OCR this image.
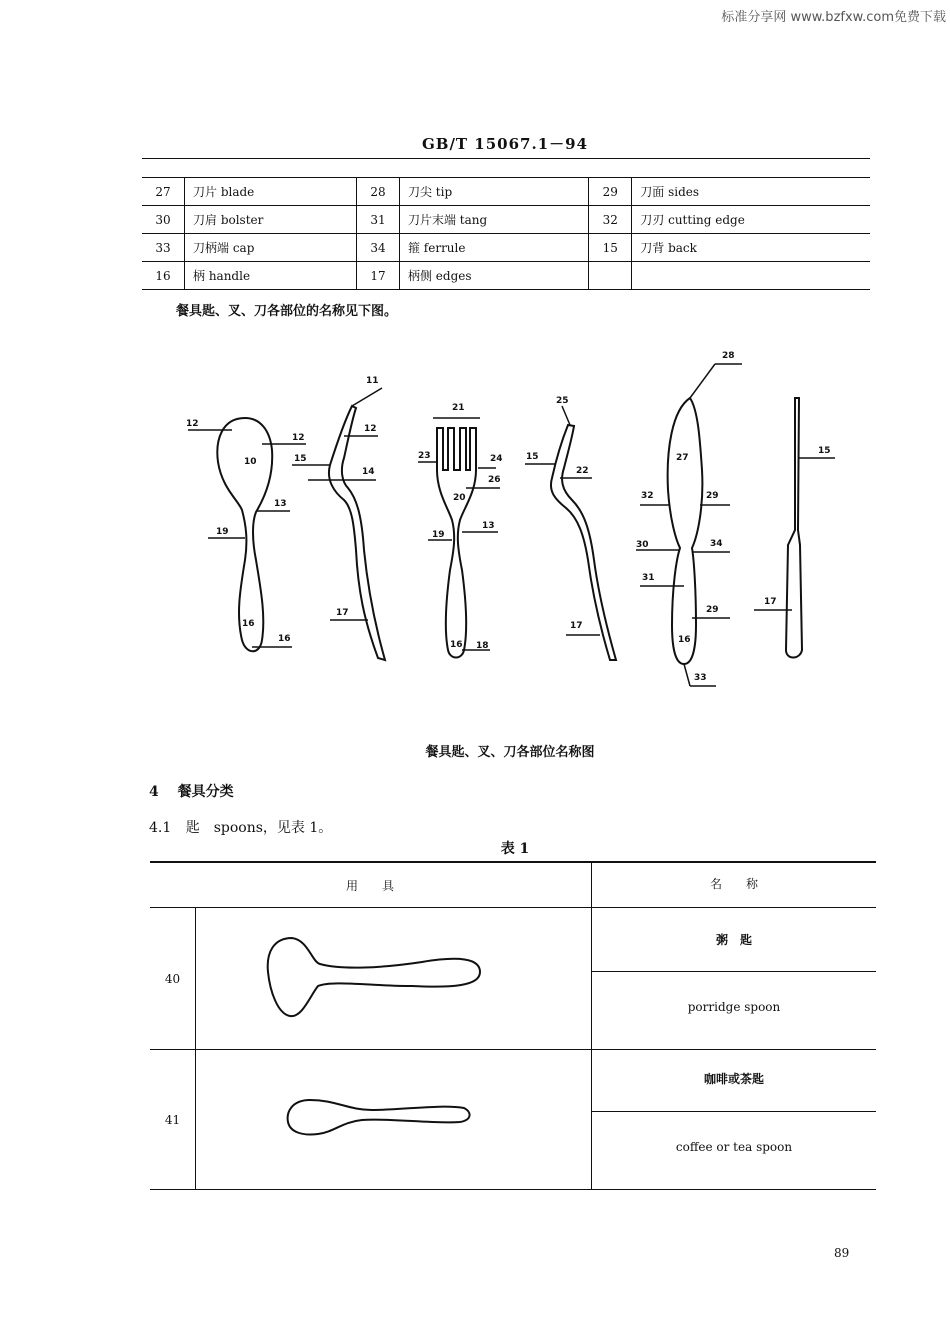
标准分享网 www.bzfxw.com免费下载
GB/T 15067.1－94
27	刀片 blade	28	刀尖 tip	29	刀面 sides
30	刀肩 bolster	31	刀片末端 tang	32	刀刃 cutting edge
33	刀柄端 cap	34	箍 ferrule	15	刀背 back
16	柄 handle	17	柄侧 edges		
餐具匙、叉、刀各部位的名称见下图。
12
10
12
15
13
19
16
16
11
12
14
17
21
23	24
26
20
13
19
16 18
25
15
22
17
28
27
32	29
30	34
31
29
16
33
15
17
餐具匙、叉、刀各部位名称图
4 餐具分类
4.1 匙　spoons，见表 1。
表 1
用　　具	名　　称
40
粥　匙
porridge spoon
41
咖啡或茶匙
coffee or tea spoon
89
